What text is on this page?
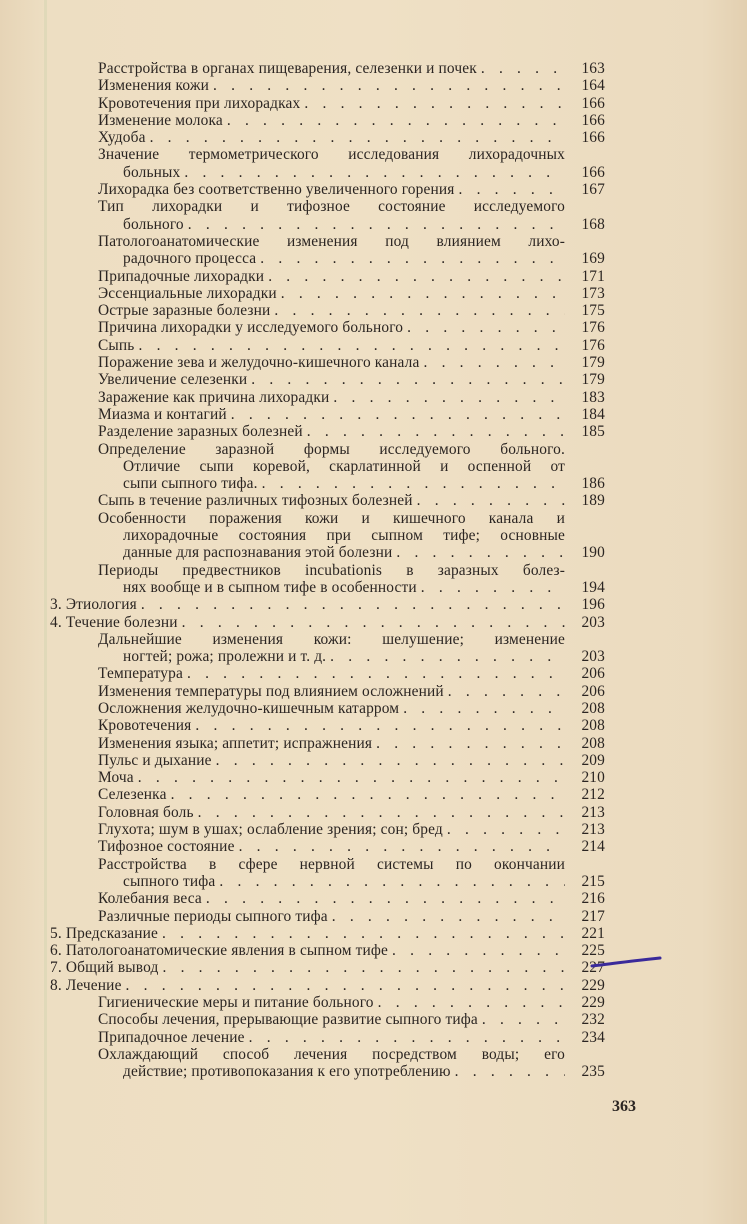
Расстройства в органах пищеварения, селезенки и почек . . .	163
Изменения кожи . . .	164
Кровотечения при лихорадках . . .	166
Изменение молока . . .	166
Худоба . . .	166
Значение термометрического исследования лихорадочных
больных . . .	166
Лихорадка без соответственно увеличенного горения . . .	167
Тип лихорадки и тифозное состояние исследуемого
больного . . .	168
Патологоанатомические изменения под влиянием лихо-
радочного процесса . . .	169
Припадочные лихорадки . . .	171
Эссенциальные лихорадки . . .	173
Острые заразные болезни . . .	175
Причина лихорадки у исследуемого больного . . .	176
Сыпь . . .	176
Поражение зева и желудочно-кишечного канала . . .	179
Увеличение селезенки . . .	179
Заражение как причина лихорадки . . .	183
Миазма и контагий . . .	184
Разделение заразных болезней . . .	185
Определение заразной формы исследуемого больного.
Отличие сыпи коревой, скарлатинной и оспенной от
сыпи сыпного тифа. . . .	186
Сыпь в течение различных тифозных болезней . . .	189
Особенности поражения кожи и кишечного канала и
лихорадочные состояния при сыпном тифе; основные
данные для распознавания этой болезни . . .	190
Периоды предвестников incubationis в заразных болез-
нях вообще и в сыпном тифе в особенности . . .	194
3. Этиология . . .	196
4. Течение болезни . . .	203
Дальнейшие изменения кожи: шелушение; изменение
ногтей; рожа; пролежни и т. д. . . .	203
Температура . . .	206
Изменения температуры под влиянием осложнений . . .	206
Осложнения желудочно-кишечным катарром . . .	208
Кровотечения . . .	208
Изменения языка; аппетит; испражнения . . .	208
Пульс и дыхание . . .	209
Моча . . .	210
Селезенка . . .	212
Головная боль . . .	213
Глухота; шум в ушах; ослабление зрения; сон; бред . . .	213
Тифозное состояние . . .	214
Расстройства в сфере нервной системы по окончании
сыпного тифа . . .	215
Колебания веса . . .	216
Различные периоды сыпного тифа . . .	217
5. Предсказание . . .	221
6. Патологоанатомические явления в сыпном тифе . . .	225
7. Общий вывод . . .	227
8. Лечение . . .	229
Гигиенические меры и питание больного . . .	229
Способы лечения, прерывающие развитие сыпного тифа . . .	232
Припадочное лечение . . .	234
Охлаждающий способ лечения посредством воды; его
действие; противопоказания к его употреблению . . .	235
363
